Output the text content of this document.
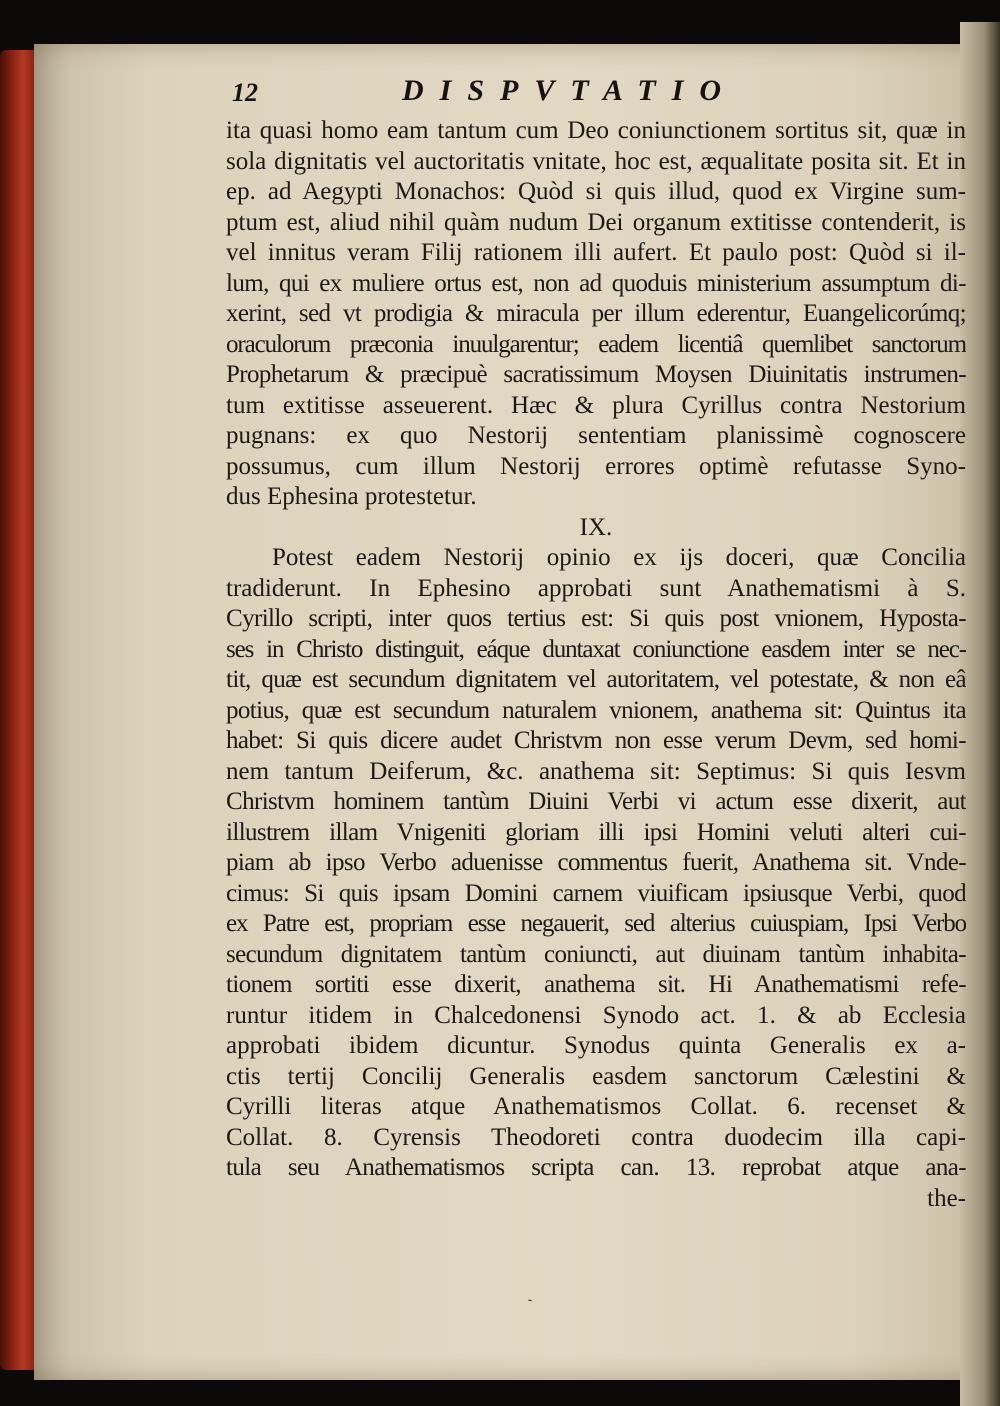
12	DISPVTATIO
ita quasi homo eam tantum cum Deo coniunctionem sortitus sit, quæ in
sola dignitatis vel auctoritatis vnitate, hoc est, æqualitate posita sit. Et in
ep. ad Aegypti Monachos: Quòd si quis illud, quod ex Virgine sum-
ptum est, aliud nihil quàm nudum Dei organum extitisse contenderit, is
vel innitus veram Filij rationem illi aufert. Et paulo post: Quòd si il-
lum, qui ex muliere ortus est, non ad quoduis ministerium assumptum di-
xerint, sed vt prodigia & miracula per illum ederentur, Euangelicorúmq;
oraculorum præconia inuulgarentur; eadem licentiâ quemlibet sanctorum
Prophetarum & præcipuè sacratissimum Moysen Diuinitatis instrumen-
tum extitisse asseuerent. Hæc & plura Cyrillus contra Nestorium
pugnans: ex quo Nestorij sententiam planissimè cognoscere
possumus, cum illum Nestorij errores optimè refutasse Syno-
dus Ephesina protestetur.
IX.
Potest eadem Nestorij opinio ex ijs doceri, quæ Concilia
tradiderunt. In Ephesino approbati sunt Anathematismi à S.
Cyrillo scripti, inter quos tertius est: Si quis post vnionem, Hyposta-
ses in Christo distinguit, eáque duntaxat coniunctione easdem inter se nec-
tit, quæ est secundum dignitatem vel autoritatem, vel potestate, & non eâ
potius, quæ est secundum naturalem vnionem, anathema sit: Quintus ita
habet: Si quis dicere audet Christvm non esse verum Devm, sed homi-
nem tantum Deiferum, &c. anathema sit: Septimus: Si quis Iesvm
Christvm hominem tantùm Diuini Verbi vi actum esse dixerit, aut
illustrem illam Vnigeniti gloriam illi ipsi Homini veluti alteri cui-
piam ab ipso Verbo aduenisse commentus fuerit, Anathema sit. Vnde-
cimus: Si quis ipsam Domini carnem viuificam ipsiusque Verbi, quod
ex Patre est, propriam esse negauerit, sed alterius cuiuspiam, Ipsi Verbo
secundum dignitatem tantùm coniuncti, aut diuinam tantùm inhabita-
tionem sortiti esse dixerit, anathema sit. Hi Anathematismi refe-
runtur itidem in Chalcedonensi Synodo act. 1. & ab Ecclesia
approbati ibidem dicuntur. Synodus quinta Generalis ex a-
ctis tertij Concilij Generalis easdem sanctorum Cælestini &
Cyrilli literas atque Anathematismos Collat. 6. recenset &
Collat. 8. Cyrensis Theodoreti contra duodecim illa capi-
tula seu Anathematismos scripta can. 13. reprobat atque ana-
the-
ˋ
